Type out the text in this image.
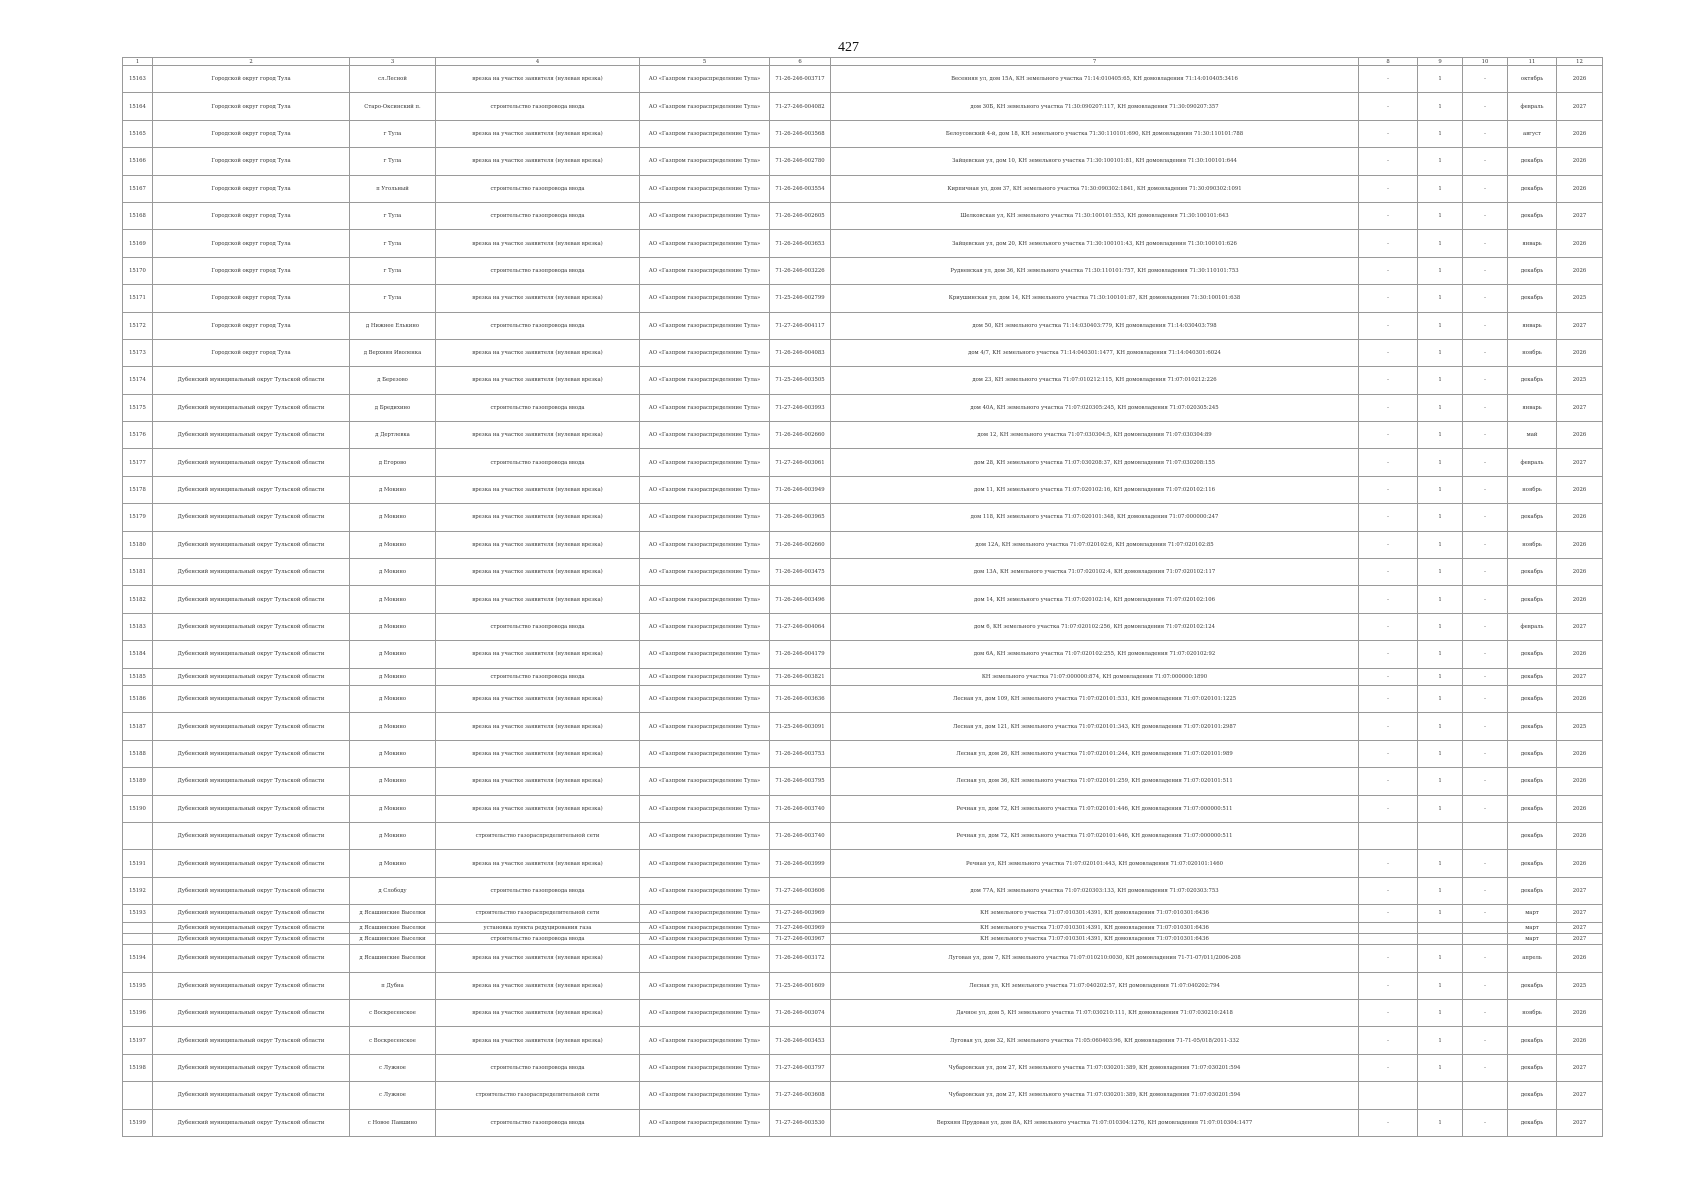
427
1	2	3	4	5	6	7	8	9	10	11	12
15163	Городской округ город Тула	сл.Лесной	врезка на участке заявителя (нулевая врезка)	АО «Газпром газораспределение Тула»	71-26-246-003717	Весенняя ул, дом 15А, КН земельного участка 71:14:010405:65, КН домовладения 71:14:010405:3416	-	1	-	октябрь	2026
15164	Городской округ город Тула	Старо-Оксинский п.	строительство газопровода ввода	АО «Газпром газораспределение Тула»	71-27-246-004082	дом 30Б, КН земельного участка 71:30:090207:117, КН домовладения 71:30:090207:357	-	1	-	февраль	2027
15165	Городской округ город Тула	г Тула	врезка на участке заявителя (нулевая врезка)	АО «Газпром газораспределение Тула»	71-26-246-003568	Белоусовский 4-й, дом 18, КН земельного участка 71:30:110101:690, КН домовладения 71:30:110101:788	-	1	-	август	2026
15166	Городской округ город Тула	г Тула	врезка на участке заявителя (нулевая врезка)	АО «Газпром газораспределение Тула»	71-26-246-002780	Зайцевская ул, дом 10, КН земельного участка 71:30:100101:81, КН домовладения 71:30:100101:644	-	1	-	декабрь	2026
15167	Городской округ город Тула	п Угольный	строительство газопровода ввода	АО «Газпром газораспределение Тула»	71-26-246-003554	Кирпичная ул, дом 37, КН земельного участка 71:30:090302:1841, КН домовладения 71:30:090302:1091	-	1	-	декабрь	2026
15168	Городской округ город Тула	г Тула	строительство газопровода ввода	АО «Газпром газораспределение Тула»	71-26-246-002605	Шелковская ул, КН земельного участка 71:30:100101:553, КН домовладения 71:30:100101:643	-	1	-	декабрь	2027
15169	Городской округ город Тула	г Тула	врезка на участке заявителя (нулевая врезка)	АО «Газпром газораспределение Тула»	71-26-246-003653	Зайцевская ул, дом 20, КН земельного участка 71:30:100101:43, КН домовладения 71:30:100101:626	-	1	-	январь	2026
15170	Городской округ город Тула	г Тула	строительство газопровода ввода	АО «Газпром газораспределение Тула»	71-26-246-003226	Рудневская ул, дом 36, КН земельного участка 71:30:110101:757, КН домовладения 71:30:110101:753	-	1	-	декабрь	2026
15171	Городской округ город Тула	г Тула	врезка на участке заявителя (нулевая врезка)	АО «Газпром газораспределение Тула»	71-25-246-002799	Криушинская ул, дом 14, КН земельного участка 71:30:100101:87, КН домовладения 71:30:100101:638	-	1	-	декабрь	2025
15172	Городской округ город Тула	д Нижнее Елькино	строительство газопровода ввода	АО «Газпром газораспределение Тула»	71-27-246-004117	дом 50, КН земельного участка 71:14:030403:779, КН домовладения 71:14:030403:798	-	1	-	январь	2027
15173	Городской округ город Тула	д Верхняя Иволенка	врезка на участке заявителя (нулевая врезка)	АО «Газпром газораспределение Тула»	71-26-246-004083	дом 4/7, КН земельного участка 71:14:040301:1477, КН домовладения 71:14:040301:6024	-	1	-	ноябрь	2026
15174	Дубенский муниципальный округ Тульской области	д Березово	врезка на участке заявителя (нулевая врезка)	АО «Газпром газораспределение Тула»	71-25-246-003505	дом 23, КН земельного участка 71:07:010212:115, КН домовладения 71:07:010212:226	-	1	-	декабрь	2025
15175	Дубенский муниципальный округ Тульской области	д Бредихино	строительство газопровода ввода	АО «Газпром газораспределение Тула»	71-27-246-003993	дом 40А, КН земельного участка 71:07:020305:245, КН домовладения 71:07:020305:245	-	1	-	январь	2027
15176	Дубенский муниципальный округ Тульской области	д Дертлевка	врезка на участке заявителя (нулевая врезка)	АО «Газпром газораспределение Тула»	71-26-246-002660	дом 12, КН земельного участка 71:07:030304:5, КН домовладения 71:07:030304:89	-	1	-	май	2026
15177	Дубенский муниципальный округ Тульской области	д Егорово	строительство газопровода ввода	АО «Газпром газораспределение Тула»	71-27-246-003061	дом 28, КН земельного участка 71:07:030208:37, КН домовладения 71:07:030208:155	-	1	-	февраль	2027
15178	Дубенский муниципальный округ Тульской области	д Мокино	врезка на участке заявителя (нулевая врезка)	АО «Газпром газораспределение Тула»	71-26-246-003949	дом 11, КН земельного участка 71:07:020102:16, КН домовладения 71:07:020102:116	-	1	-	ноябрь	2026
15179	Дубенский муниципальный округ Тульской области	д Мокино	врезка на участке заявителя (нулевая врезка)	АО «Газпром газораспределение Тула»	71-26-246-003965	дом 118, КН земельного участка 71:07:020101:348, КН домовладения 71:07:000000:247	-	1	-	декабрь	2026
15180	Дубенский муниципальный округ Тульской области	д Мокино	врезка на участке заявителя (нулевая врезка)	АО «Газпром газораспределение Тула»	71-26-246-002660	дом 12А, КН земельного участка 71:07:020102:6, КН домовладения 71:07:020102:85	-	1	-	ноябрь	2026
15181	Дубенский муниципальный округ Тульской области	д Мокино	врезка на участке заявителя (нулевая врезка)	АО «Газпром газораспределение Тула»	71-26-246-003475	дом 13А, КН земельного участка 71:07:020102:4, КН домовладения 71:07:020102:117	-	1	-	декабрь	2026
15182	Дубенский муниципальный округ Тульской области	д Мокино	врезка на участке заявителя (нулевая врезка)	АО «Газпром газораспределение Тула»	71-26-246-003496	дом 14, КН земельного участка 71:07:020102:14, КН домовладения 71:07:020102:106	-	1	-	декабрь	2026
15183	Дубенский муниципальный округ Тульской области	д Мокино	строительство газопровода ввода	АО «Газпром газораспределение Тула»	71-27-246-004064	дом 6, КН земельного участка 71:07:020102:256, КН домовладения 71:07:020102:124	-	1	-	февраль	2027
15184	Дубенский муниципальный округ Тульской области	д Мокино	врезка на участке заявителя (нулевая врезка)	АО «Газпром газораспределение Тула»	71-26-246-004179	дом 6А, КН земельного участка 71:07:020102:255, КН домовладения 71:07:020102:92	-	1	-	декабрь	2026
15185	Дубенский муниципальный округ Тульской области	д Мокино	строительство газопровода ввода	АО «Газпром газораспределение Тула»	71-26-246-003821	КН земельного участка 71:07:000000:874, КН домовладения 71:07:000000:1890	-	1	-	декабрь	2027
15186	Дубенский муниципальный округ Тульской области	д Мокино	врезка на участке заявителя (нулевая врезка)	АО «Газпром газораспределение Тула»	71-26-246-003636	Лесная ул, дом 109, КН земельного участка 71:07:020101:531, КН домовладения 71:07:020101:1225	-	1	-	декабрь	2026
15187	Дубенский муниципальный округ Тульской области	д Мокино	врезка на участке заявителя (нулевая врезка)	АО «Газпром газораспределение Тула»	71-25-246-003091	Лесная ул, дом 121, КН земельного участка 71:07:020101:343, КН домовладения 71:07:020101:2987	-	1	-	декабрь	2025
15188	Дубенский муниципальный округ Тульской области	д Мокино	врезка на участке заявителя (нулевая врезка)	АО «Газпром газораспределение Тула»	71-26-246-003753	Лесная ул, дом 26, КН земельного участка 71:07:020101:244, КН домовладения 71:07:020101:989	-	1	-	декабрь	2026
15189	Дубенский муниципальный округ Тульской области	д Мокино	врезка на участке заявителя (нулевая врезка)	АО «Газпром газораспределение Тула»	71-26-246-003795	Лесная ул, дом 36, КН земельного участка 71:07:020101:259, КН домовладения 71:07:020101:511	-	1	-	декабрь	2026
15190	Дубенский муниципальный округ Тульской области	д Мокино	врезка на участке заявителя (нулевая врезка)	АО «Газпром газораспределение Тула»	71-26-246-003740	Речная ул, дом 72, КН земельного участка 71:07:020101:446, КН домовладения 71:07:000000:511	-	1	-	декабрь	2026
	Дубенский муниципальный округ Тульской области	д Мокино	строительство газораспределительной сети	АО «Газпром газораспределение Тула»	71-26-246-003740	Речная ул, дом 72, КН земельного участка 71:07:020101:446, КН домовладения 71:07:000000:511				декабрь	2026
15191	Дубенский муниципальный округ Тульской области	д Мокино	врезка на участке заявителя (нулевая врезка)	АО «Газпром газораспределение Тула»	71-26-246-003999	Речная ул, КН земельного участка 71:07:020101:443, КН домовладения 71:07:020101:1460	-	1	-	декабрь	2026
15192	Дубенский муниципальный округ Тульской области	д Слободу	строительство газопровода ввода	АО «Газпром газораспределение Тула»	71-27-246-003606	дом 77А, КН земельного участка 71:07:020303:133, КН домовладения 71:07:020303:753	-	1	-	декабрь	2027
15193	Дубенский муниципальный округ Тульской области	д Ясашинские Выселки	строительство газораспределительной сети	АО «Газпром газораспределение Тула»	71-27-246-003969	КН земельного участка 71:07:010301:4391, КН домовладения 71:07:010301:6436	-	1	-	март	2027
	Дубенский муниципальный округ Тульской области	д Ясашинские Выселки	установка пункта редуцирования газа	АО «Газпром газораспределение Тула»	71-27-246-003969	КН земельного участка 71:07:010301:4391, КН домовладения 71:07:010301:6436				март	2027
	Дубенский муниципальный округ Тульской области	д Ясашинские Выселки	строительство газопровода ввода	АО «Газпром газораспределение Тула»	71-27-246-003967	КН земельного участка 71:07:010301:4391, КН домовладения 71:07:010301:6436				март	2027
15194	Дубенский муниципальный округ Тульской области	д Ясашинские Выселки	врезка на участке заявителя (нулевая врезка)	АО «Газпром газораспределение Тула»	71-26-246-003172	Луговая ул, дом 7, КН земельного участка 71:07:010210:0030, КН домовладения 71-71-07/011/2006-208	-	1	-	апрель	2026
15195	Дубенский муниципальный округ Тульской области	п Дубна	врезка на участке заявителя (нулевая врезка)	АО «Газпром газораспределение Тула»	71-25-246-001609	Лесная ул, КН земельного участка 71:07:040202:57, КН домовладения 71:07:040202:794	-	1	-	декабрь	2025
15196	Дубенский муниципальный округ Тульской области	с Воскресенское	врезка на участке заявителя (нулевая врезка)	АО «Газпром газораспределение Тула»	71-26-246-003074	Дачное ул, дом 5, КН земельного участка 71:07:030210:111, КН домовладения 71:07:030210:2418	-	1	-	ноябрь	2026
15197	Дубенский муниципальный округ Тульской области	с Воскресенское	врезка на участке заявителя (нулевая врезка)	АО «Газпром газораспределение Тула»	71-26-246-003453	Луговая ул, дом 32, КН земельного участка 71:05:060403:96, КН домовладения 71-71-05/018/2011-332	-	1	-	декабрь	2026
15198	Дубенский муниципальный округ Тульской области	с Лужное	строительство газопровода ввода	АО «Газпром газораспределение Тула»	71-27-246-003797	Чубаровская ул, дом 27, КН земельного участка 71:07:030201:389, КН домовладения 71:07:030201:594	-	1	-	декабрь	2027
	Дубенский муниципальный округ Тульской области	с Лужное	строительство газораспределительной сети	АО «Газпром газораспределение Тула»	71-27-246-003608	Чубаровская ул, дом 27, КН земельного участка 71:07:030201:389, КН домовладения 71:07:030201:594				декабрь	2027
15199	Дубенский муниципальный округ Тульской области	с Новое Павшино	строительство газопровода ввода	АО «Газпром газораспределение Тула»	71-27-246-003530	Верхняя Прудовая ул, дом 8А, КН земельного участка 71:07:010304:1276, КН домовладения 71:07:010304:1477	-	1	-	декабрь	2027
